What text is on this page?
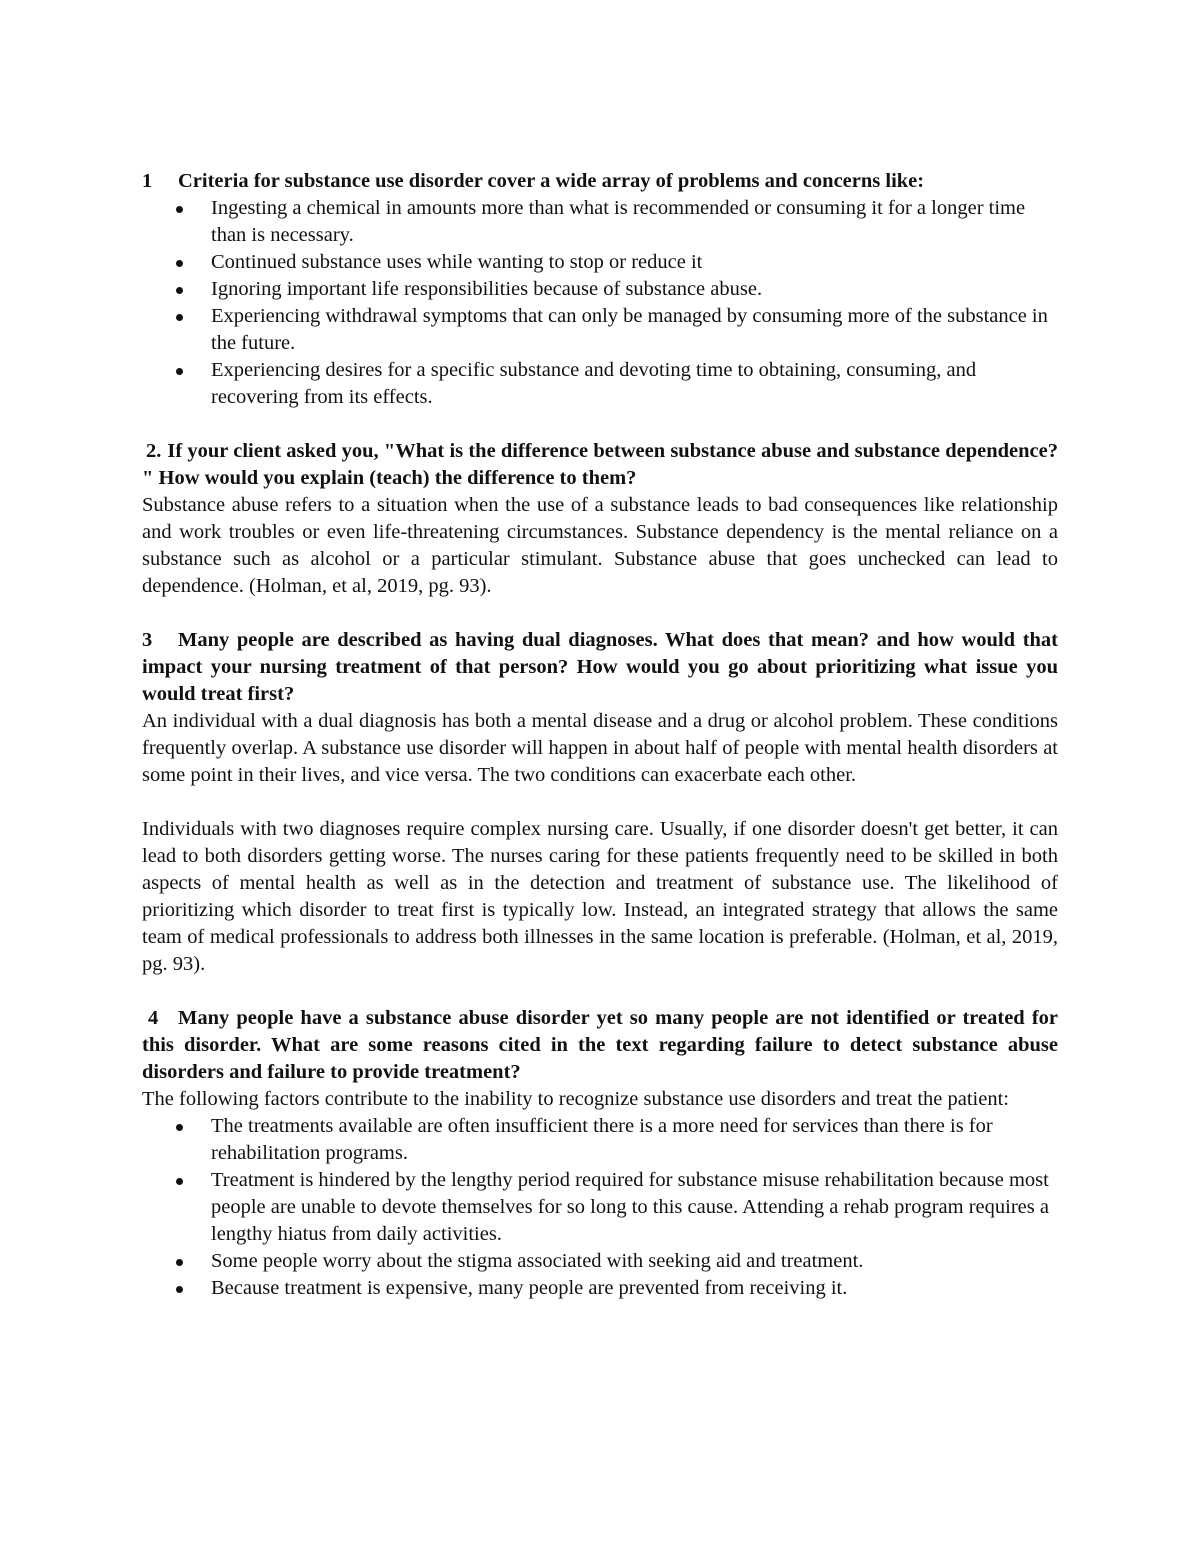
1 Criteria for substance use disorder cover a wide array of problems and concerns like:

Ingesting a chemical in amounts more than what is recommended or consuming it for a longer time than is necessary.
Continued substance uses while wanting to stop or reduce it
Ignoring important life responsibilities because of substance abuse.
Experiencing withdrawal symptoms that can only be managed by consuming more of the substance in the future.
Experiencing desires for a specific substance and devoting time to obtaining, consuming, and recovering from its effects.

2. If your client asked you, "What is the difference between substance abuse and substance dependence? " How would you explain (teach) the difference to them?

Substance abuse refers to a situation when the use of a substance leads to bad consequences like relationship and work troubles or even life-threatening circumstances. Substance dependency is the mental reliance on a substance such as alcohol or a particular stimulant. Substance abuse that goes unchecked can lead to dependence. (Holman, et al, 2019, pg. 93).

3 Many people are described as having dual diagnoses. What does that mean? and how would that impact your nursing treatment of that person? How would you go about prioritizing what issue you would treat first?

An individual with a dual diagnosis has both a mental disease and a drug or alcohol problem. These conditions frequently overlap. A substance use disorder will happen in about half of people with mental health disorders at some point in their lives, and vice versa. The two conditions can exacerbate each other.

Individuals with two diagnoses require complex nursing care. Usually, if one disorder doesn't get better, it can lead to both disorders getting worse. The nurses caring for these patients frequently need to be skilled in both aspects of mental health as well as in the detection and treatment of substance use. The likelihood of prioritizing which disorder to treat first is typically low. Instead, an integrated strategy that allows the same team of medical professionals to address both illnesses in the same location is preferable. (Holman, et al, 2019, pg. 93).

4 Many people have a substance abuse disorder yet so many people are not identified or treated for this disorder. What are some reasons cited in the text regarding failure to detect substance abuse disorders and failure to provide treatment?

The following factors contribute to the inability to recognize substance use disorders and treat the patient:

The treatments available are often insufficient there is a more need for services than there is for rehabilitation programs.
Treatment is hindered by the lengthy period required for substance misuse rehabilitation because most people are unable to devote themselves for so long to this cause. Attending a rehab program requires a lengthy hiatus from daily activities.
Some people worry about the stigma associated with seeking aid and treatment.
Because treatment is expensive, many people are prevented from receiving it.
